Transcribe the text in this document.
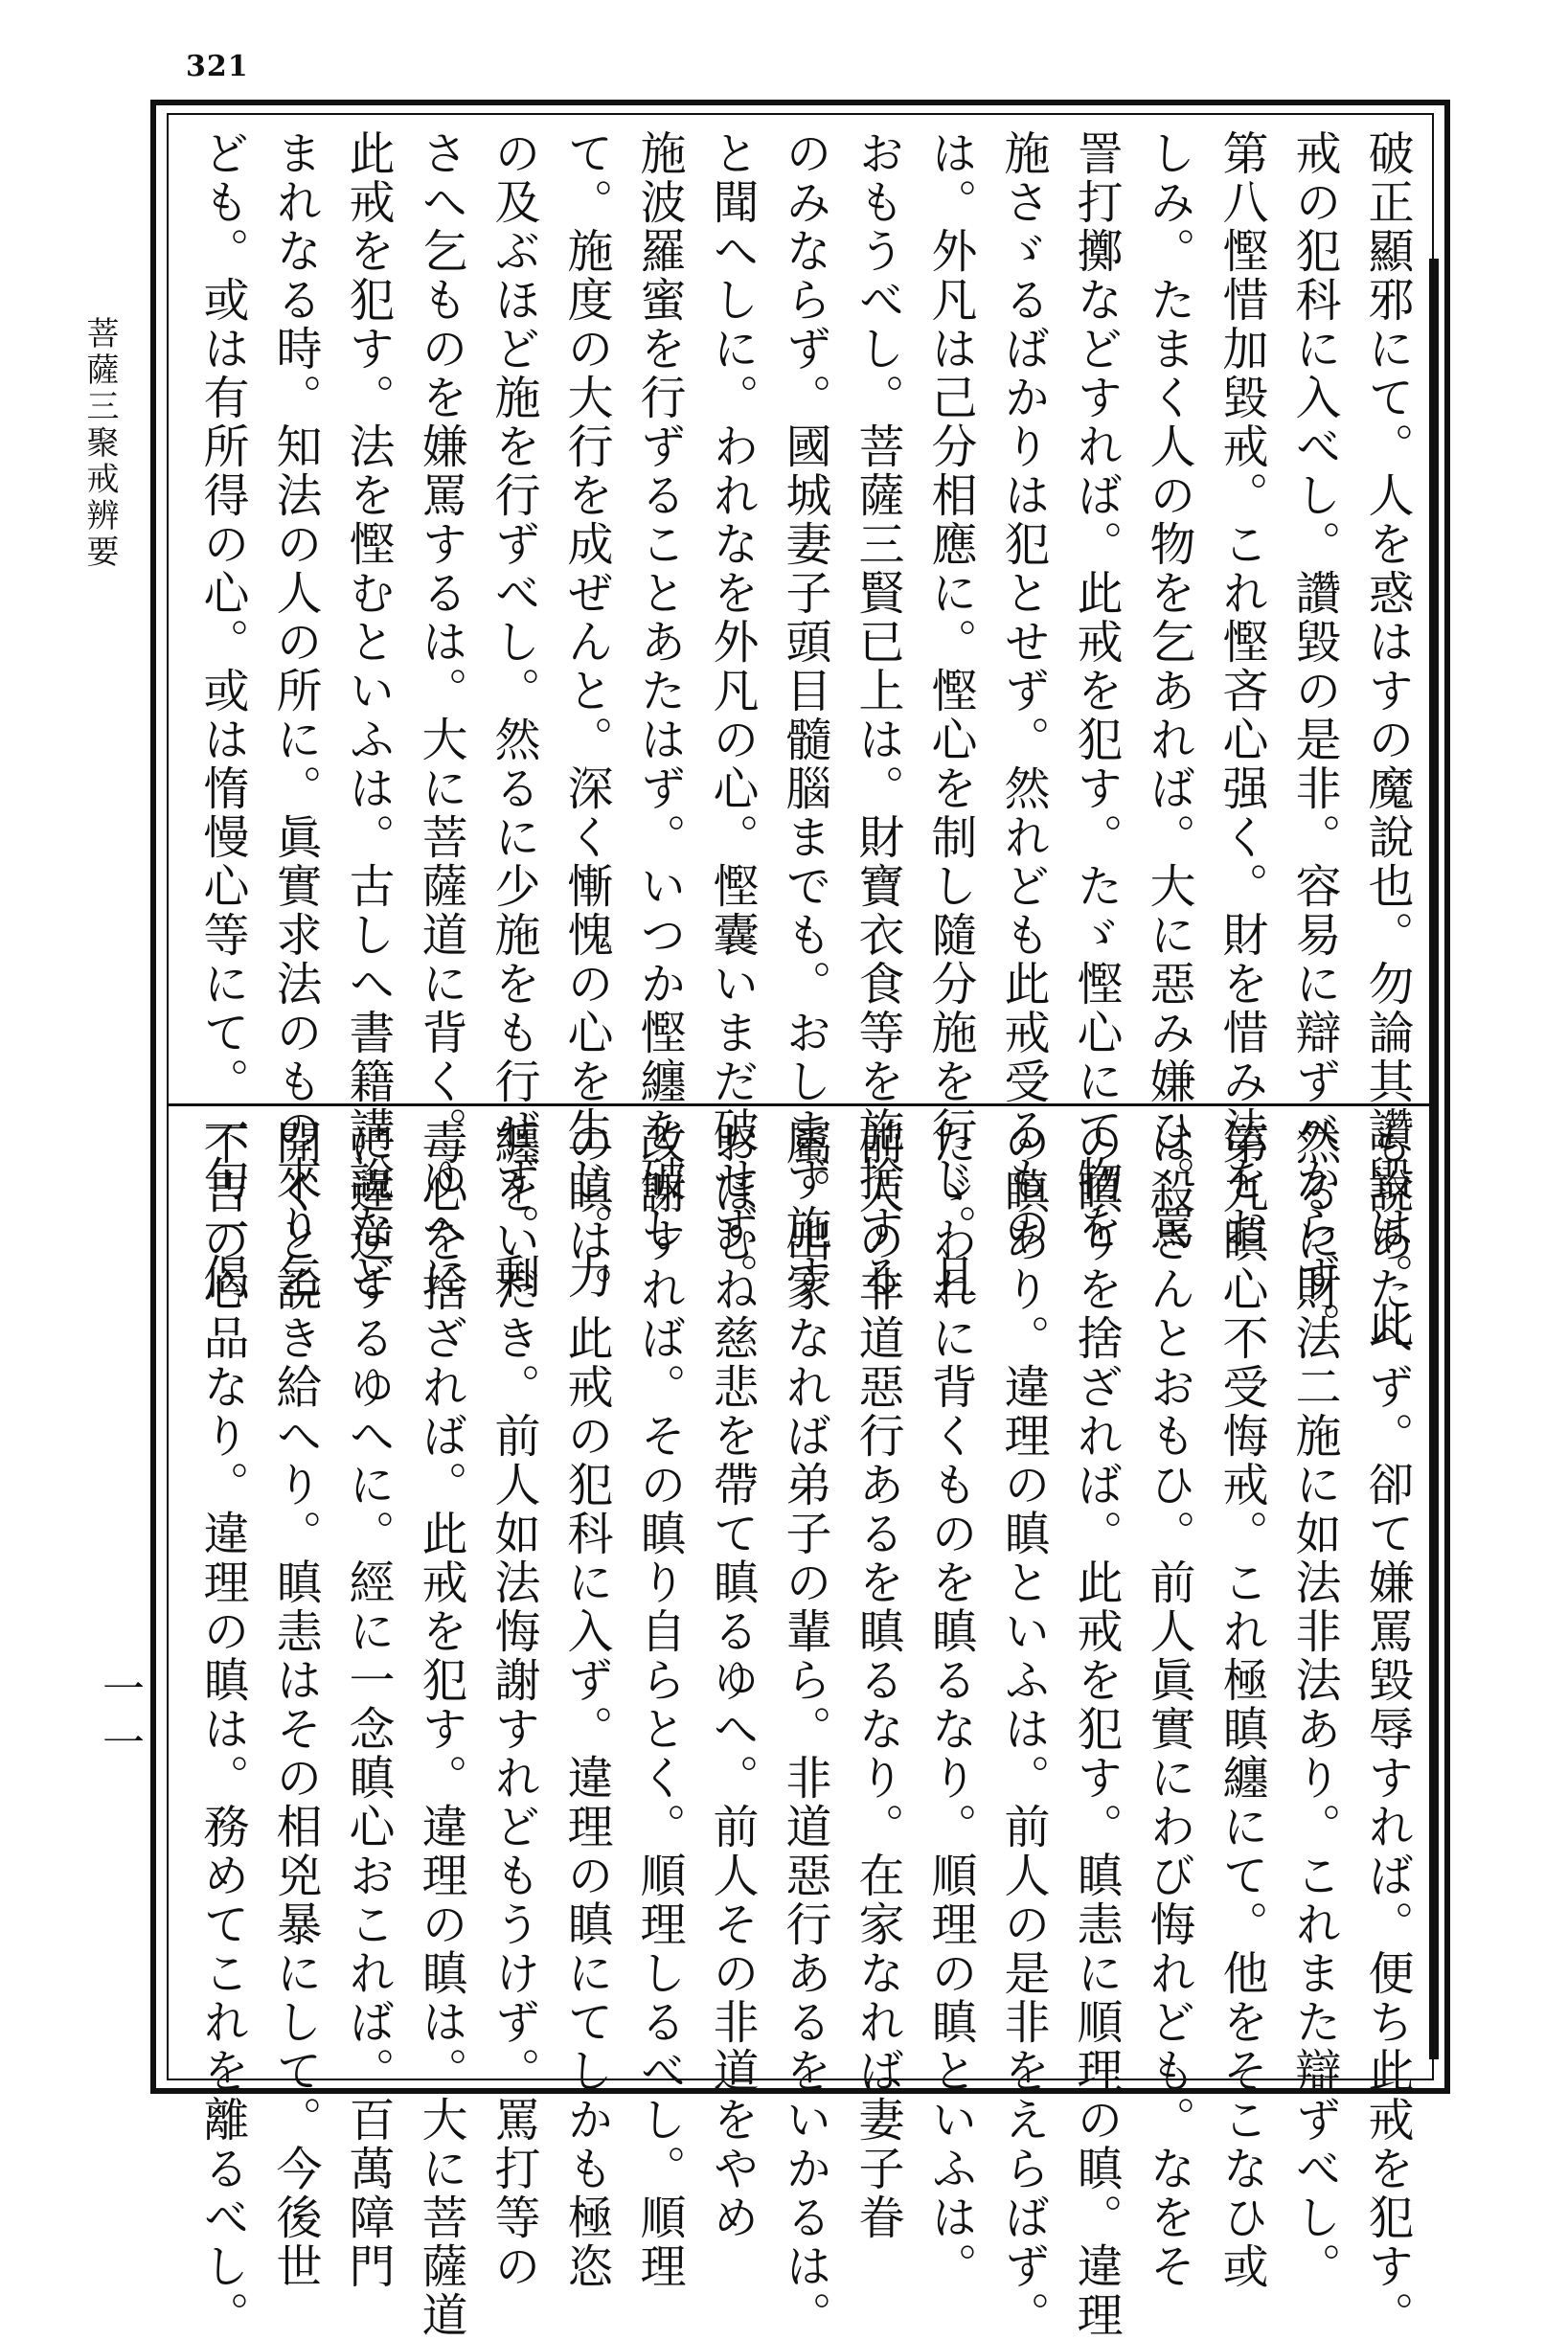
321
菩薩三聚戒辨要
一一
破正顯邪にて。人を惑はすの魔說也。勿論其讚毀は。此
戒の犯科に入べし。讚毀の是非。容易に辯ずべからず。
第八慳惜加毀戒。これ慳吝心强く。財を惜み法をお
しみ。たまく人の物を乞あれば。大に惡み嫌ひ。罵
詈打擲などすれば。此戒を犯す。たゞ慳心にて物を
施さゞるばかりは犯とせず。然れども此戒受るもの
は。外凡は己分相應に。慳心を制し隨分施を行じ。且
おもうべし。菩薩三賢已上は。財寶衣食等を施捨する
のみならず。國城妻子頭目髓腦までも。おしまず施す
と聞へしに。われなを外凡の心。慳囊いまだ破せず。
施波羅蜜を行ずることあたはず。いつか慳纏を破し
て。施度の大行を成ぜんと。深く慚愧の心を生じ。力
の及ぶほど施を行ずべし。然るに少施をも行ぜず。剰
さへ乞ものを嫌罵するは。大に菩薩道に背く。ゆへに
此戒を犯す。法を慳むといふは。古しへ書籍講說など
まれなる時。知法の人の所に。眞實求法のもの來り乞
ども。或は有所得の心。或は惰慢心等にて。一句一偈
も說あたへず。卻て嫌罵毀辱すれば。便ち此戒を犯す。
然るに財法二施に如法非法あり。これまた辯ずべし。
第九瞋心不受悔戒。これ極瞋纏にて。他をそこなひ或
は殺さんとおもひ。前人眞實にわび悔れども。なをそ
の瞋りを捨ざれば。此戒を犯す。瞋恚に順理の瞋。違理
の瞋あり。違理の瞋といふは。前人の是非をえらばず。
たゞわれに背くものを瞋るなり。順理の瞋といふは。
前人の非道惡行あるを瞋るなり。在家なれば妻子眷
屬。出家なれば弟子の輩ら。非道惡行あるをいかるは。
おほむね慈悲を帶て瞋るゆへ。前人その非道をやめ
改謝すれば。その瞋り自らとく。順理しるべし。順理
の瞋は。此戒の犯科に入ず。違理の瞋にてしかも極恣
纏をいだき。前人如法悔謝すれどもうけず。罵打等の
毒心を捨ざれば。此戒を犯す。違理の瞋は。大に菩薩道
に違逆するゆへに。經に一念瞋心おこれば。百萬障門
開くと說き給へり。瞋恚はその相兇暴にして。今後世
不吉の心品なり。違理の瞋は。務めてこれを離るべし。
